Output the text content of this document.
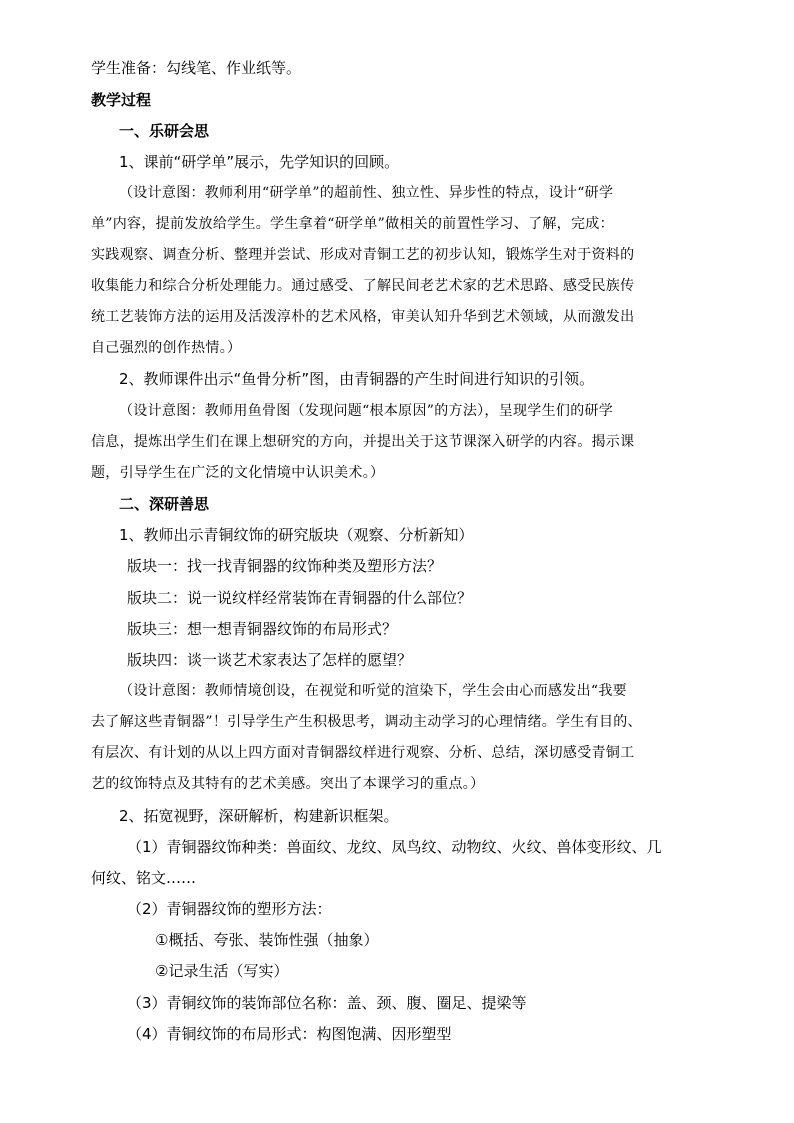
学生准备：勾线笔、作业纸等。
教学过程
一、乐研会思
1、课前“研学单”展示，先学知识的回顾。
（设计意图：教师利用“研学单”的超前性、独立性、异步性的特点，设计“研学
单”内容，提前发放给学生。学生拿着“研学单”做相关的前置性学习、了解，完成：
实践观察、调查分析、整理并尝试、形成对青铜工艺的初步认知，锻炼学生对于资料的
收集能力和综合分析处理能力。通过感受、了解民间老艺术家的艺术思路、感受民族传
统工艺装饰方法的运用及活泼淳朴的艺术风格，审美认知升华到艺术领域，从而激发出
自己强烈的创作热情。）
2、教师课件出示“鱼骨分析”图，由青铜器的产生时间进行知识的引领。
（设计意图：教师用鱼骨图（发现问题“根本原因”的方法），呈现学生们的研学
信息，提炼出学生们在课上想研究的方向，并提出关于这节课深入研学的内容。揭示课
题，引导学生在广泛的文化情境中认识美术。）
二、深研善思
1、教师出示青铜纹饰的研究版块（观察、分析新知）
版块一：找一找青铜器的纹饰种类及塑形方法？
版块二：说一说纹样经常装饰在青铜器的什么部位？
版块三：想一想青铜器纹饰的布局形式？
版块四：谈一谈艺术家表达了怎样的愿望？
（设计意图：教师情境创设，在视觉和听觉的渲染下，学生会由心而感发出“我要
去了解这些青铜器”！引导学生产生积极思考，调动主动学习的心理情绪。学生有目的、
有层次、有计划的从以上四方面对青铜器纹样进行观察、分析、总结，深切感受青铜工
艺的纹饰特点及其特有的艺术美感。突出了本课学习的重点。）
2、拓宽视野，深研解析，构建新识框架。
（1）青铜器纹饰种类：兽面纹、龙纹、凤鸟纹、动物纹、火纹、兽体变形纹、几
何纹、铭文……
（2）青铜器纹饰的塑形方法：
①概括、夸张、装饰性强（抽象）
②记录生活（写实）
（3）青铜纹饰的装饰部位名称：盖、颈、腹、圈足、提梁等
（4）青铜纹饰的布局形式：构图饱满、因形塑型
